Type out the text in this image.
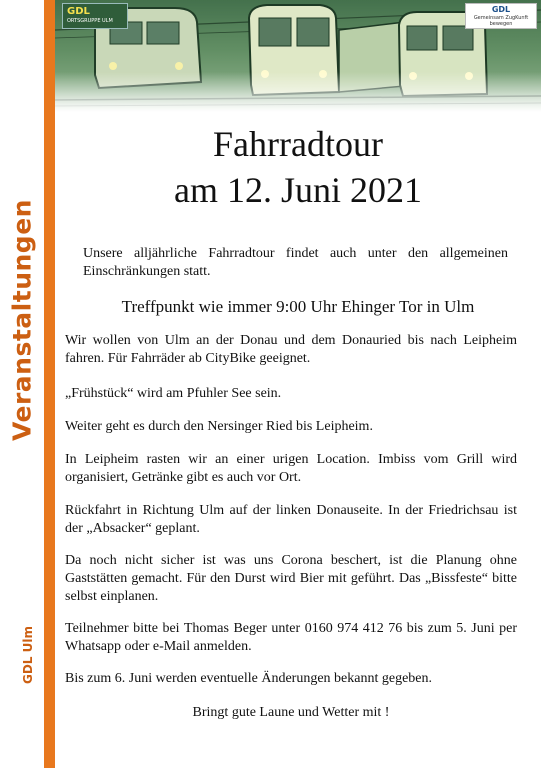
Veranstaltungen
GDL Ulm
GDL
ORTSGRUPPE ULM
GDL
Gemeinsam ZugKunft bewegen
Fahrradtour
am 12. Juni 2021
Unsere alljährliche Fahrradtour findet auch unter den allgemeinen Einschränkungen statt.
Treffpunkt wie immer 9:00 Uhr Ehinger Tor in Ulm
Wir wollen von Ulm an der Donau und dem Donauried bis nach Leipheim fahren. Für Fahrräder ab CityBike geeignet.
„Frühstück“ wird am Pfuhler See sein.
Weiter geht es durch den Nersinger Ried bis Leipheim.
In Leipheim rasten wir an einer urigen Location. Imbiss vom Grill wird organisiert, Getränke gibt es auch vor Ort.
Rückfahrt in Richtung Ulm auf der linken Donauseite. In der Friedrichsau ist der „Absacker“ geplant.
Da noch nicht sicher ist was uns Corona beschert, ist die Planung ohne Gaststätten gemacht. Für den Durst wird Bier mit geführt. Das „Bissfeste“ bitte selbst einplanen.
Teilnehmer bitte bei Thomas Beger unter 0160 974 412 76 bis zum 5. Juni per Whatsapp oder e-Mail anmelden.
Bis zum 6. Juni werden eventuelle Änderungen bekannt gegeben.
Bringt gute Laune und Wetter mit !
